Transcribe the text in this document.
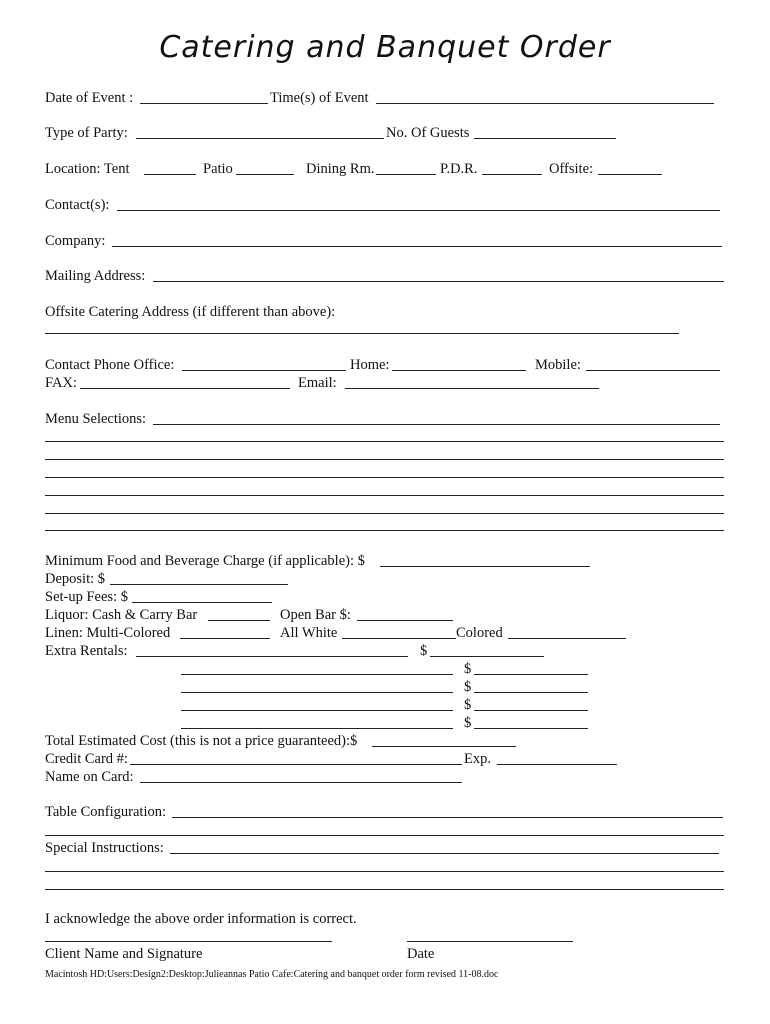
Catering and Banquet Order
Date of Event :	Time(s) of Event
Type of Party:	No. Of Guests
Location: Tent	Patio	Dining Rm.	P.D.R.	Offsite:
Contact(s):
Company:
Mailing Address:
Offsite Catering Address (if different than above):
Contact Phone Office:	Home:	Mobile:
FAX:	Email:
Menu Selections:
Minimum Food and Beverage Charge (if applicable): $
Deposit: $
Set-up Fees: $
Liquor: Cash & Carry Bar	Open Bar $:
Linen: Multi-Colored	All White	Colored
Extra Rentals:	$
$
$
$
$
Total Estimated Cost (this is not a price guaranteed):$
Credit Card #:	Exp.
Name on Card:
Table Configuration:
Special Instructions:
I acknowledge the above order information is correct.
Client Name and Signature	Date
Macintosh HD:Users:Design2:Desktop:Julieannas Patio Cafe:Catering and banquet order form revised 11-08.doc
